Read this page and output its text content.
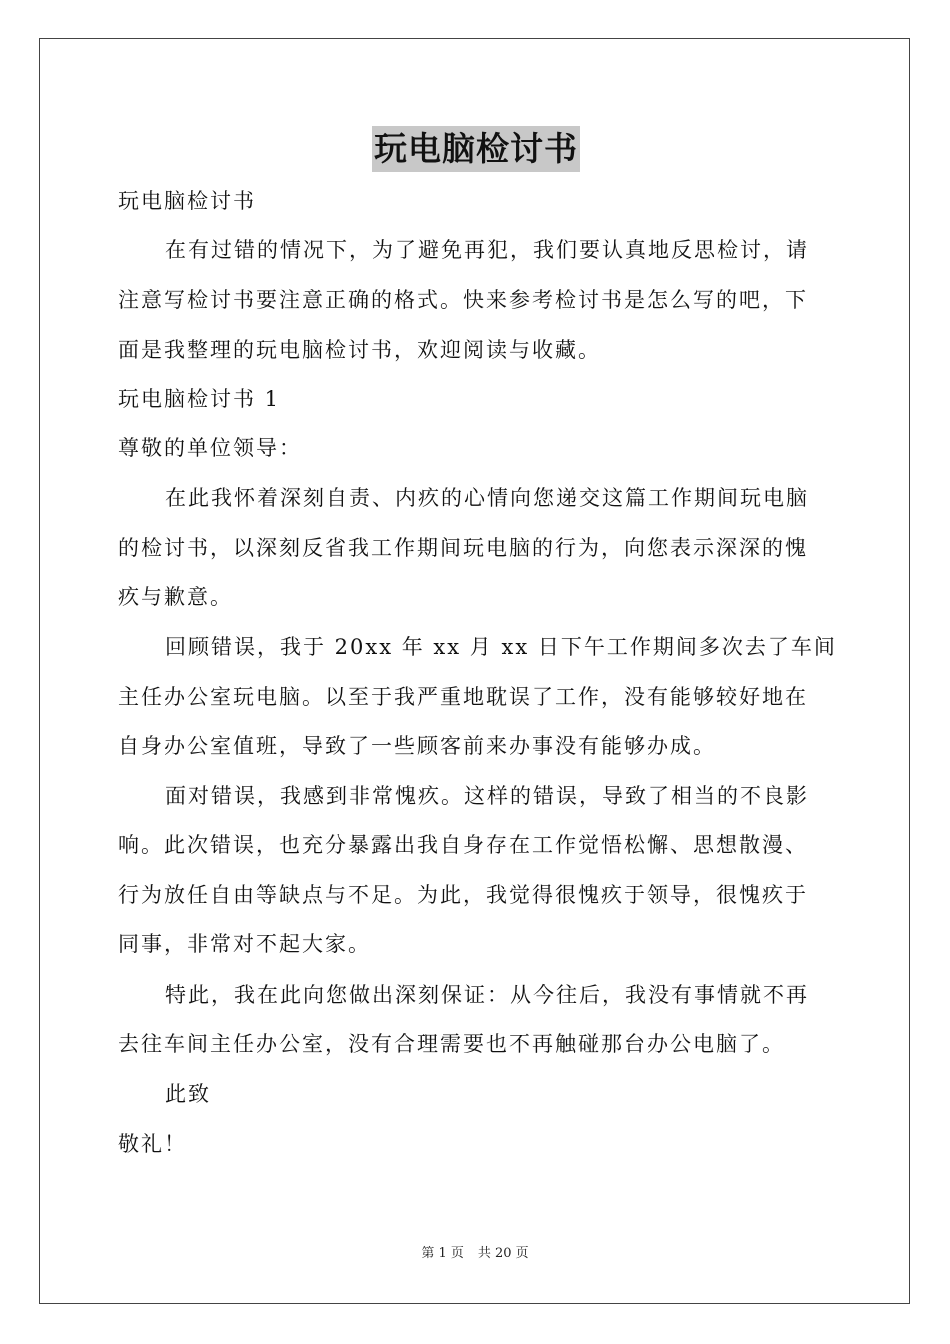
玩电脑检讨书
玩电脑检讨书
在有过错的情况下，为了避免再犯，我们要认真地反思检讨，请
注意写检讨书要注意正确的格式。快来参考检讨书是怎么写的吧，下
面是我整理的玩电脑检讨书，欢迎阅读与收藏。
玩电脑检讨书 1
尊敬的单位领导：
在此我怀着深刻自责、内疚的心情向您递交这篇工作期间玩电脑
的检讨书，以深刻反省我工作期间玩电脑的行为，向您表示深深的愧
疚与歉意。
回顾错误，我于 20xx 年 xx 月 xx 日下午工作期间多次去了车间
主任办公室玩电脑。以至于我严重地耽误了工作，没有能够较好地在
自身办公室值班，导致了一些顾客前来办事没有能够办成。
面对错误，我感到非常愧疚。这样的错误，导致了相当的不良影
响。此次错误，也充分暴露出我自身存在工作觉悟松懈、思想散漫、
行为放任自由等缺点与不足。为此，我觉得很愧疚于领导，很愧疚于
同事，非常对不起大家。
特此，我在此向您做出深刻保证：从今往后，我没有事情就不再
去往车间主任办公室，没有合理需要也不再触碰那台办公电脑了。
此致
敬礼！
第 1 页 共 20 页
